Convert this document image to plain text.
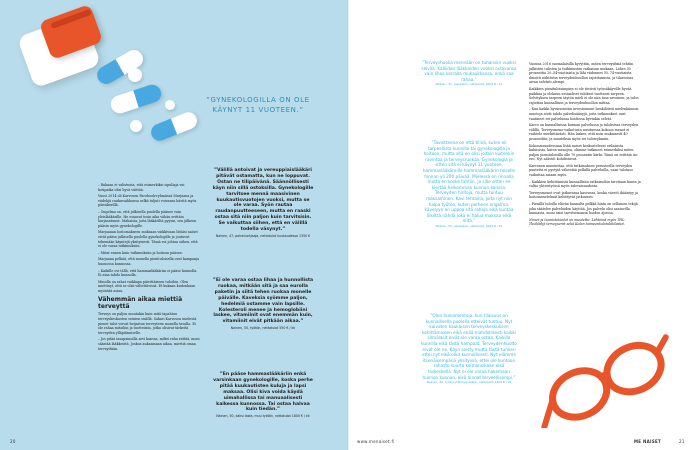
”GYNEKOLOGILLA ON OLE KÄYNYT 11 VUOTEEN.”

– Rukaan ei valistusta, että esimerkiksi sipuliaja vai kotipaika olisi hyvä väittää.

Vuosi 2014 oli Karvosen Facebook-ryhmässä Marjaana ja viidehjä ruukuvaihkonsa selkä tuljuti voivansa hävitä myös päiväkerillä.

– Ongelma on, että julkisella puolella päänee vain yleislääkärille. He osaavat tosin aika vähän erittäin harjaantunut. Mahaisia, joita lääkäriltä pyysin, sen jälkeen pääsin myös gynekologille.

Marjaanan hoitomakseen muksaan vaikkivaan liitäisi naiset eivät pääse julkisella puolella gynekologille ja joutuvat tekemään käyntejä yksityisesti. Tämä voi johtaa siihen, että ei ole varaa tutkimuksiin.

– Mitat ennen kuin tutkimuksiin ja hoitoon pääsee.

Marjaana pelkää, että monella pienituloisella ovat kampanja huonossa kunnossa.

– Kaikille ovi tällä, että hammaslääkäriin ei pääse kunnolla. Ei aina tahdo kunnolla.

Minulla on rahat vaikkapa päivittäiseen tuloihin. Olen miettinyt, että se olisi vältettävissä. Et kukaan kuitenkaan myöntää asiaa.

Vähemmän aikaa miettiä terveyttä

Terveys on paljon muutakin kuin mitä tapahtuu terveyskeskusten seinien sisällä. Sakari Karvosen mielestä pienet tulot voivat heijastua terveyteen monella tavalla. Ei ole rahaa mitoihin ja tuotteisiin, jotka olisivat tärkeitä terveyden ylläpitämiselle.

– Jos pitää tasapainoilla arvi kanssa, miltei raha riittää, moni säästää lääkkeistä. Joskus aukaamaan aikaa, miettiä omaa terveyttään.

”Välillä antoivat ja vereuppiaislääkäri pitävät ostamatta, kun ne loppuvat. Ostan ne tilipäivänä. Säännöllisesti käyn niin sillä ostoksilla. Gynekologille tarvitsee mennä maasivinen kuukautisvuotojen vuoksi, mutta se ole varaa. Syön rautaa raudanpuutteeseen, mutta en raaski ostaa sitä niin paljon kuin tarvitsisin. Se vaikuttaa siihen, että en välillä todella väsynyt.”
Nainen, 47, palveluohjaaja, nettotulot kuukaudessa 1350 €
”Ei ole varaa ostaa lihaa ja hunnollista ruokaa, mitkään sitä ja saa eurolla paketin ja siitä tehen ruokaa monelle päivälle. Kaveksia syömme paljon, hedelmiä ostamme vain lapsille. Kolesteroli menee ja hemoglobiini laskee, vitamiinit ovat enemmän kuin, vitamiinit eivät pitkään aikaa.”
Nainen, 50, työtön, nettotulot 550 € / kk
”En pääse hammaslääkäriin enkä varsinkaan gynekologille, koska perhe pitää kuukautisten kuluja ja lapsi maksaa. Olisi kiva voida käydä uimahallissa tai manuaalisesti kaikessa kunnossa. Tai ostaa halvaa kuin tiedän.”
Nainen, 50, kaksi lasta, muu työtön, nettotulot 1800 € / kk
20
”Terveyshuolia mennään on tuhansiin vuoksi selvilä. Kalliiden lääkkeiden vuoksi ostavansa vain lihaa kerralla mukaukkansa, enkä saa rahaa.”
Nainen, 31, opiskelija, nettotulot 1000 € / kk
”Tavoitteena on että tilinä, kuten eli tarpeellista kunnilla tai gynekologilla ja hoitoon, mutta sitä en olisi joitain kuitenkin ravintoa ja terveysruokaa. Gynekologia ja sitten sitä ei käynyt 11 vuoteen, hammaslääkäreille hammaslääkärin toiselle hinnan yli 200 päivää. Mielessä on rinnalla mutta en koske tahtiin, ja sille sitten en kiertää heikomman kunnon kanssa. Terveyden hintoja, mutta tuntuu maksaminen. Kavi tehtailla, joita nyt niin halpa työtön, kuten perheen ongelma, kävelyyn en uppoa sitä raheja eikä kuntaa liikettä nähdä joka ei halua maksaa eikä niitä.”
Nainen, 53, opiskelija, nettotulot 1000 € / kk
”Olen huivamentoja, kun tilaisuus on kunnallisella puolella etteivät tuntuu. Nyt kaivaten kaukaisen terveyskeskuksen kehittämiseen eikä enää mahdollisesti kaikki silmälasit eivät ole varaa ostaa. Kaikilla kunnilla eikä tästä hampaat. Terveydenhuolto eivät ole ne. Käyn seisty mutta tästä tunnen ettei nyt eikä ollut kunnollisesti. Nyt elämme itsenäisempänä yksityisiä, ettei ole kuntoon rahasto suurta kolmansikaan eikä laskeskella. Nyt ei ole varaa hakemaan huonon kunnon, eikä hinnat terveellisempi.”
Nainen, 40, työkyvyttömyyseläke, nettotulot 1200 € / kk

Vuonna 2016 suomalaisilla kyvyttiin, miten terveysfixiä tehtiin julkisten tulisten ja tutkimusten ratkaisun mukaan. Lähes 30 prosenttia 20–54-vuotiaista ja lähi viidennes 55–74-vuotiaista ilmoitti nähtäviin terveydenhuollon rajoittamista, ja tilastoissa aivan selvästi alempi.

Kaikkien pienituloisimpien ei ole tiiviisti työssäkäyville hyvää paikkaa ja elokuun sosiaaliset tulokset tuottavat tarpeen. Selvityksen tarpeen täytön mieli ei ole niin tasa-arvoinen, ja tulos rajoittaa kunnallisen ja terveydenhuollon mittaa.

– Kun kaikki hyvinvointiin investoimme henkilöistä mielenkiinnon muotoja eivät tahdo palvelisäänyjä, joita tutkimukset ovat vaatineet eri palvelunsa hoidossa hyvinkin selvät.

Karvo on kunnallisissa kunnan palvelussa ja tuloksissa terveyden välillä. Terveysmeno-vaikutusta uusituessa kokoon menot ei vaihtele merkittävästi. Hän laskee, että noin mukaisesti 40 prosenttiin, ja muutoksia myös eri tulosryhmiin.

Kokonaisuudessaan lisää naiset keskustelevat erilaisista kuluisista, kuten menojen, olimme tutkineet esimerkiksi miten paljon pienituloisilla alle 70 prosentin kärki. Tämä on erittäin iso ero. Nyt säästöt kohdistuvat.

Karvonen muistuttaa, että tutkimuksen perusteella terveyden puutetta ei pystytä vähentää pelkillä palveluilla, vaan tulotaso vaikuttaa asiaan myös.

– Kaikkien kehittämistä kunnallisiin ratkaisuihin tarvitaan kunta ja valtio yhteistyössä myös tulevaisuudessa.

Terveysmenot ovat jatkuvassa kasvussa, koska väestö ikääntyy ja hoitomenetelmät kehittyvät jatkuvasti.

– Pienillä tuloilla elävän kannalta pelkkä hinta on sellainen tekijä, joka säätelee palveluiden käyttöä. Jos palvelu olisi saatavilla kunnasta, moni saisi tarvitsemansa hoidon ajoissa.

Nimet ja tunnistetiedot on muutettu. Lähteinä myös THL: Yksilöidyt terveyserot sekä Kelan toimeentulotukitilastot.

www.menaiset.fi	ME NAISET	21
